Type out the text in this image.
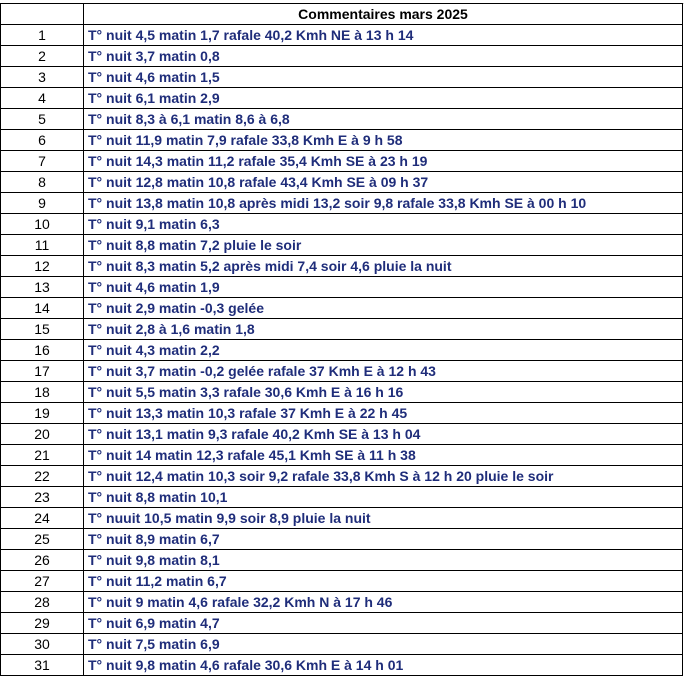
	Commentaires mars 2025
1	T° nuit 4,5 matin 1,7 rafale 40,2 Kmh NE à 13 h 14
2	T° nuit 3,7 matin 0,8
3	T° nuit 4,6 matin 1,5
4	T° nuit 6,1 matin 2,9
5	T° nuit 8,3 à 6,1 matin 8,6 à 6,8
6	T° nuit 11,9 matin 7,9 rafale 33,8 Kmh E à 9 h 58
7	T° nuit 14,3 matin 11,2 rafale 35,4 Kmh SE à 23 h 19
8	T° nuit 12,8 matin 10,8 rafale 43,4 Kmh SE à 09 h 37
9	T° nuit 13,8 matin 10,8 après midi 13,2 soir 9,8 rafale 33,8 Kmh SE à 00 h 10
10	T° nuit 9,1 matin 6,3
11	T° nuit 8,8 matin 7,2 pluie le soir
12	T° nuit 8,3 matin 5,2 après midi 7,4 soir 4,6 pluie la nuit
13	T° nuit 4,6 matin 1,9
14	T° nuit 2,9 matin -0,3 gelée
15	T° nuit 2,8 à 1,6 matin 1,8
16	T° nuit 4,3 matin 2,2
17	T° nuit 3,7 matin -0,2 gelée rafale 37 Kmh E à 12 h 43
18	T° nuit 5,5 matin 3,3 rafale 30,6 Kmh E à 16 h 16
19	T° nuit 13,3 matin 10,3 rafale 37 Kmh E à 22 h 45
20	T° nuit 13,1 matin 9,3 rafale 40,2 Kmh SE à 13 h 04
21	T° nuit 14 matin 12,3 rafale 45,1 Kmh SE à 11 h 38
22	T° nuit 12,4 matin 10,3 soir 9,2 rafale 33,8 Kmh S à 12 h 20 pluie le soir
23	T° nuit 8,8 matin 10,1
24	T° nuuit 10,5 matin 9,9 soir 8,9 pluie la nuit
25	T° nuit 8,9 matin 6,7
26	T° nuit 9,8 matin 8,1
27	T° nuit 11,2 matin 6,7
28	T° nuit 9 matin 4,6 rafale 32,2 Kmh N à 17 h 46
29	T° nuit 6,9 matin 4,7
30	T° nuit 7,5 matin 6,9
31	T° nuit 9,8 matin 4,6 rafale 30,6 Kmh E à 14 h 01
